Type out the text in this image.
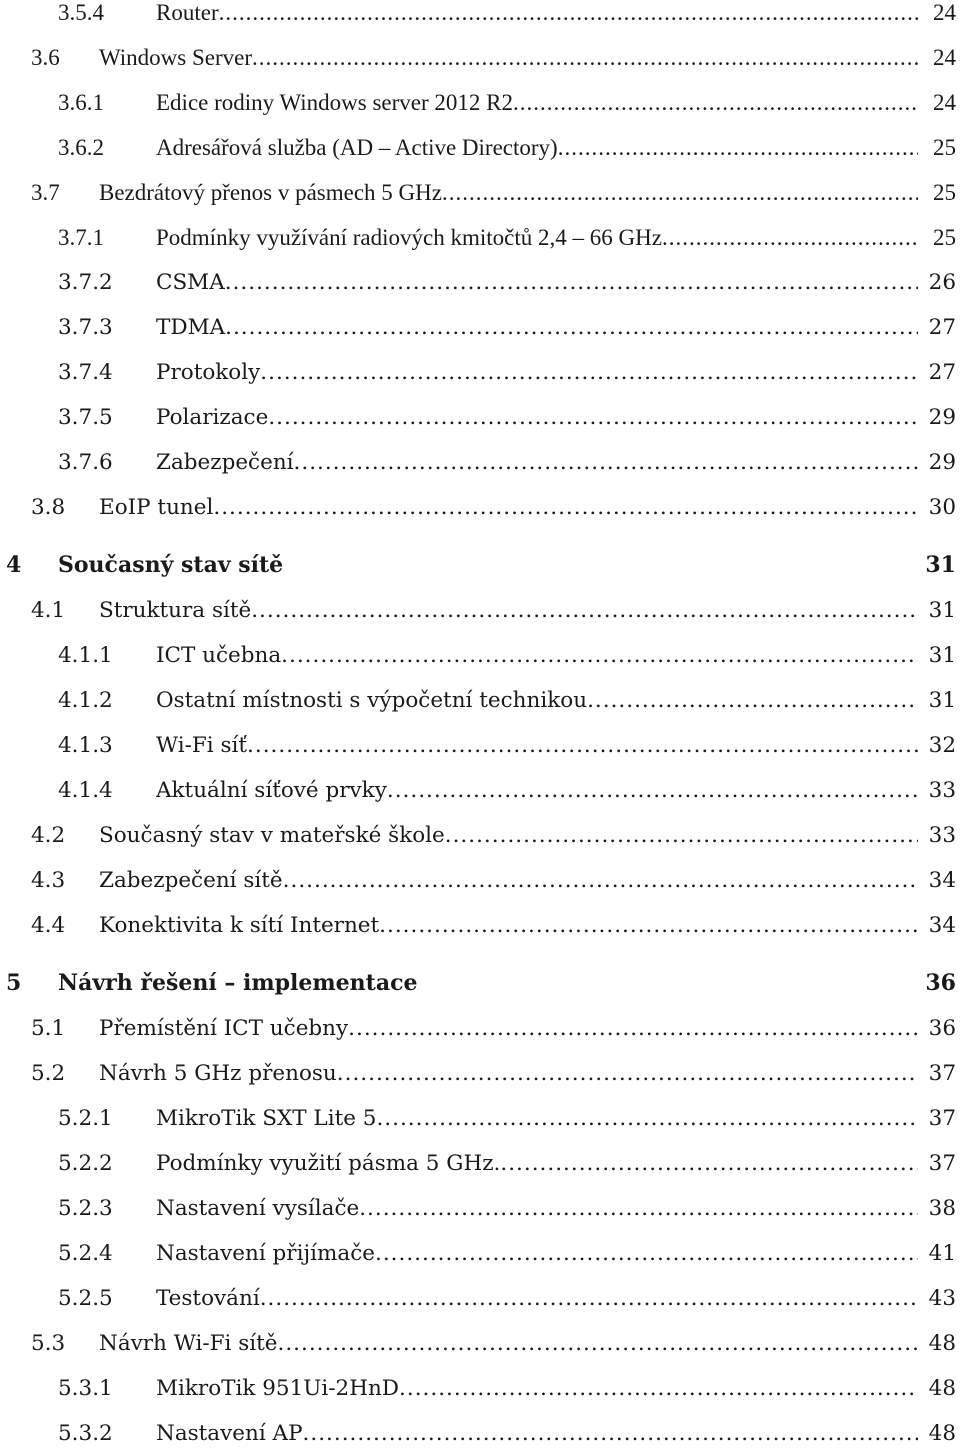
3.5.4 Router .....	24
3.6 Windows Server .....	24
3.6.1 Edice rodiny Windows server 2012 R2 .....	24
3.6.2 Adresářová služba (AD – Active Directory) .....	25
3.7 Bezdrátový přenos v pásmech 5 GHz .....	25
3.7.1 Podmínky využívání radiových kmitočtů 2,4 – 66 GHz .....	25
3.7.2 CSMA .....	26
3.7.3 TDMA .....	27
3.7.4 Protokoly .....	27
3.7.5 Polarizace .....	29
3.7.6 Zabezpečení .....	29
3.8 EoIP tunel .....	30
4 Současný stav sítě	31
4.1 Struktura sítě .....	31
4.1.1 ICT učebna .....	31
4.1.2 Ostatní místnosti s výpočetní technikou .....	31
4.1.3 Wi-Fi síť .....	32
4.1.4 Aktuální síťové prvky .....	33
4.2 Současný stav v mateřské škole .....	33
4.3 Zabezpečení sítě .....	34
4.4 Konektivita k sítí Internet .....	34
5 Návrh řešení – implementace	36
5.1 Přemístění ICT učebny .....	36
5.2 Návrh 5 GHz přenosu .....	37
5.2.1 MikroTik SXT Lite 5 .....	37
5.2.2 Podmínky využití pásma 5 GHz. .....	37
5.2.3 Nastavení vysílače .....	38
5.2.4 Nastavení přijímače .....	41
5.2.5 Testování .....	43
5.3 Návrh Wi-Fi sítě .....	48
5.3.1 MikroTik 951Ui-2HnD .....	48
5.3.2 Nastavení AP .....	48
